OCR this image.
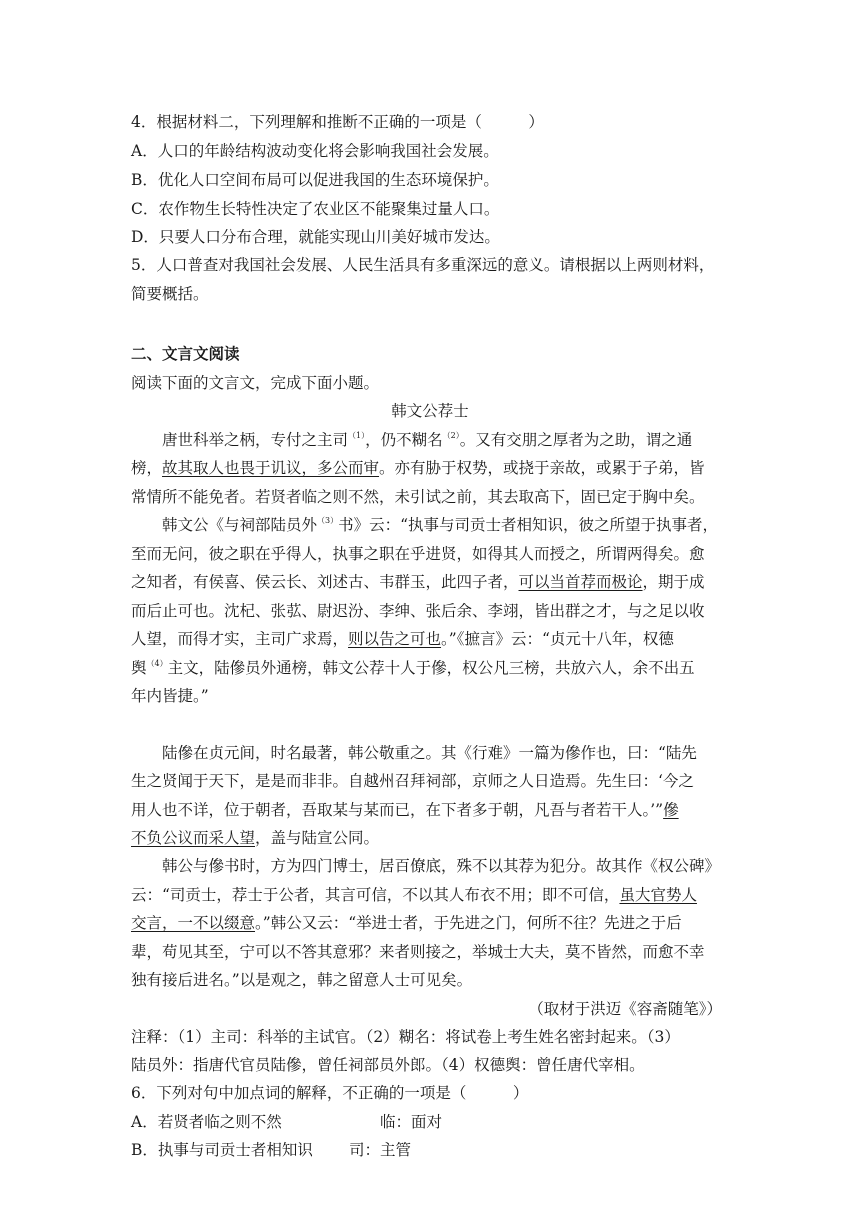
4．根据材料二，下列理解和推断不正确的一项是（　　　）
A．人口的年龄结构波动变化将会影响我国社会发展。
B．优化人口空间布局可以促进我国的生态环境保护。
C．农作物生长特性决定了农业区不能聚集过量人口。
D．只要人口分布合理，就能实现山川美好城市发达。
5．人口普查对我国社会发展、人民生活具有多重深远的意义。请根据以上两则材料，
简要概括。
二、文言文阅读
阅读下面的文言文，完成下面小题。
韩文公荐士
唐世科举之柄，专付之主司$^{(1)}$，仍不糊名$^{(2)}$。又有交朋之厚者为之助，谓之通
榜，故其取人也畏于讥议，多公而审。亦有胁于权势，或挠于亲故，或累于子弟，皆
常情所不能免者。若贤者临之则不然，未引试之前，其去取高下，固已定于胸中矣。
韩文公《与祠部陆员外$^{(3)}$书》云：“执事与司贡士者相知识，彼之所望于执事者，
至而无问，彼之职在乎得人，执事之职在乎进贤，如得其人而授之，所谓两得矣。愈
之知者，有侯喜、侯云长、刘述古、韦群玉，此四子者，可以当首荐而极论，期于成
而后止可也。沈杞、张苰、尉迟汾、李绅、张后余、李翊，皆出群之才，与之足以收
人望，而得才实，主司广求焉，则以告之可也。”《摭言》云：“贞元十八年，权德
舆$^{(4)}$主文，陆傪员外通榜，韩文公荐十人于傪，权公凡三榜，共放六人，余不出五
年内皆捷。”
陆傪在贞元间，时名最著，韩公敬重之。其《行难》一篇为傪作也，曰：“陆先
生之贤闻于天下，是是而非非。自越州召拜祠部，京师之人日造焉。先生曰：‘今之
用人也不详，位于朝者，吾取某与某而已，在下者多于朝，凡吾与者若干人。’”傪
不负公议而采人望，盖与陆宣公同。
韩公与傪书时，方为四门博士，居百僚底，殊不以其荐为犯分。故其作《权公碑》
云：“司贡士，荐士于公者，其言可信，不以其人布衣不用；即不可信，虽大官势人
交言，一不以缀意。”韩公又云：“举进士者，于先进之门，何所不往？先进之于后
辈，苟见其至，宁可以不答其意邪？来者则接之，举城士大夫，莫不皆然，而愈不幸
独有接后进名。”以是观之，韩之留意人士可见矣。
（取材于洪迈《容斋随笔》）
注释：（1）主司：科举的主试官。（2）糊名：将试卷上考生姓名密封起来。（3）
陆员外：指唐代官员陆傪，曾任祠部员外郎。（4）权德舆：曾任唐代宰相。
6．下列对句中加点词的解释，不正确的一项是（　　　）
A．若贤者临之则不然	临：面对
B．执事与司贡士者相知识 司：主管
